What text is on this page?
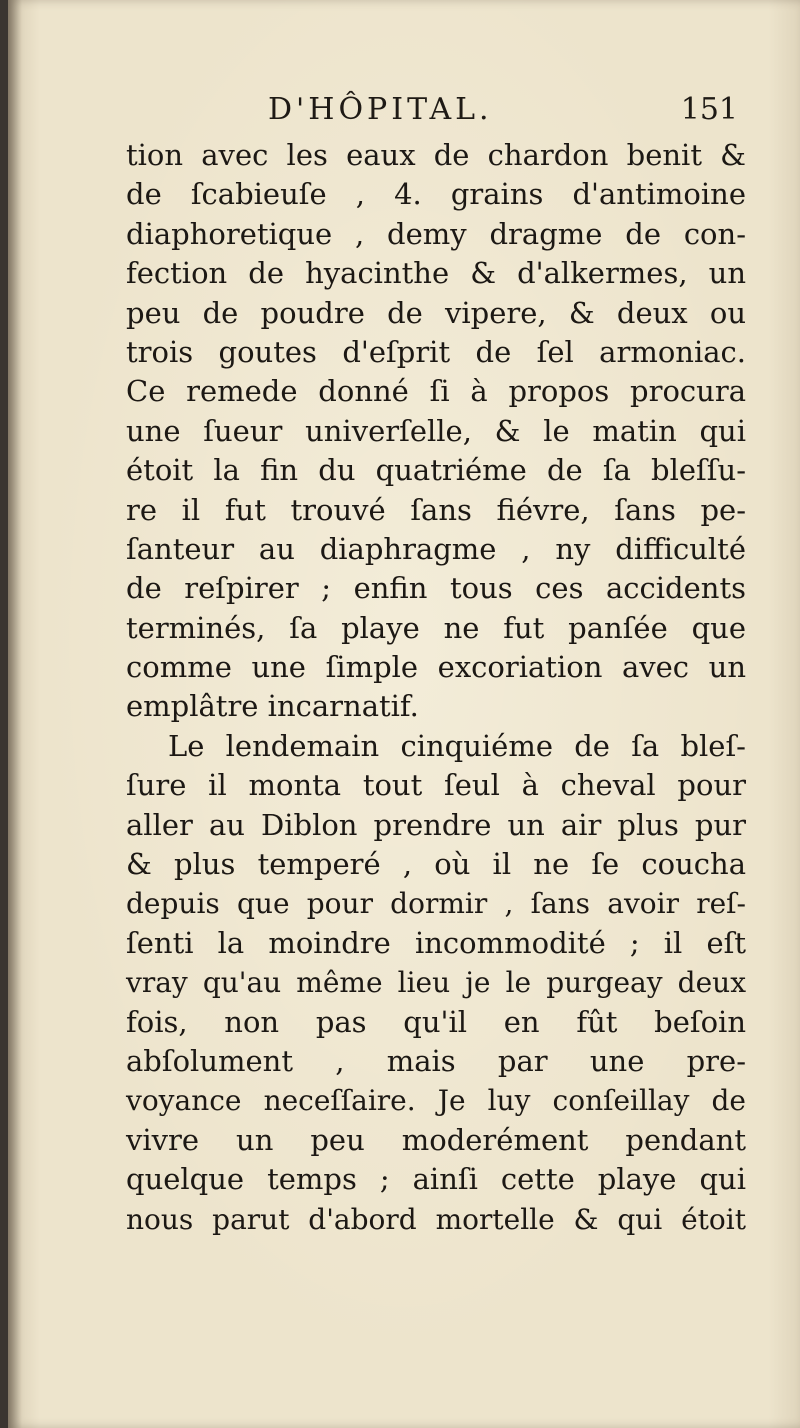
D'HÔPITAL.	151
tion avec les eaux de chardon benit &
de ſcabieuſe , 4. grains d'antimoine
diaphoretique , demy dragme de con-
fection de hyacinthe & d'alkermes, un
peu de poudre de vipere, & deux ou
trois goutes d'eſprit de ſel armoniac.
Ce remede donné ſi à propos procura
une ſueur univerſelle, & le matin qui
étoit la fin du quatriéme de ſa bleſſu-
re il fut trouvé ſans fiévre, ſans pe-
ſanteur au diaphragme , ny difficulté
de reſpirer ; enfin tous ces accidents
terminés, ſa playe ne fut panſée que
comme une ſimple excoriation avec un
emplâtre incarnatif.
Le lendemain cinquiéme de ſa bleſ-
ſure il monta tout ſeul à cheval pour
aller au Diblon prendre un air plus pur
& plus temperé , où il ne ſe coucha
depuis que pour dormir , ſans avoir reſ-
ſenti la moindre incommodité ; il eſt
vray qu'au même lieu je le purgeay deux
fois, non pas qu'il en fût beſoin
abſolument , mais par une pre-
voyance neceſſaire. Je luy conſeillay de
vivre un peu moderément pendant
quelque temps ; ainſi cette playe qui
nous parut d'abord mortelle & qui étoit
